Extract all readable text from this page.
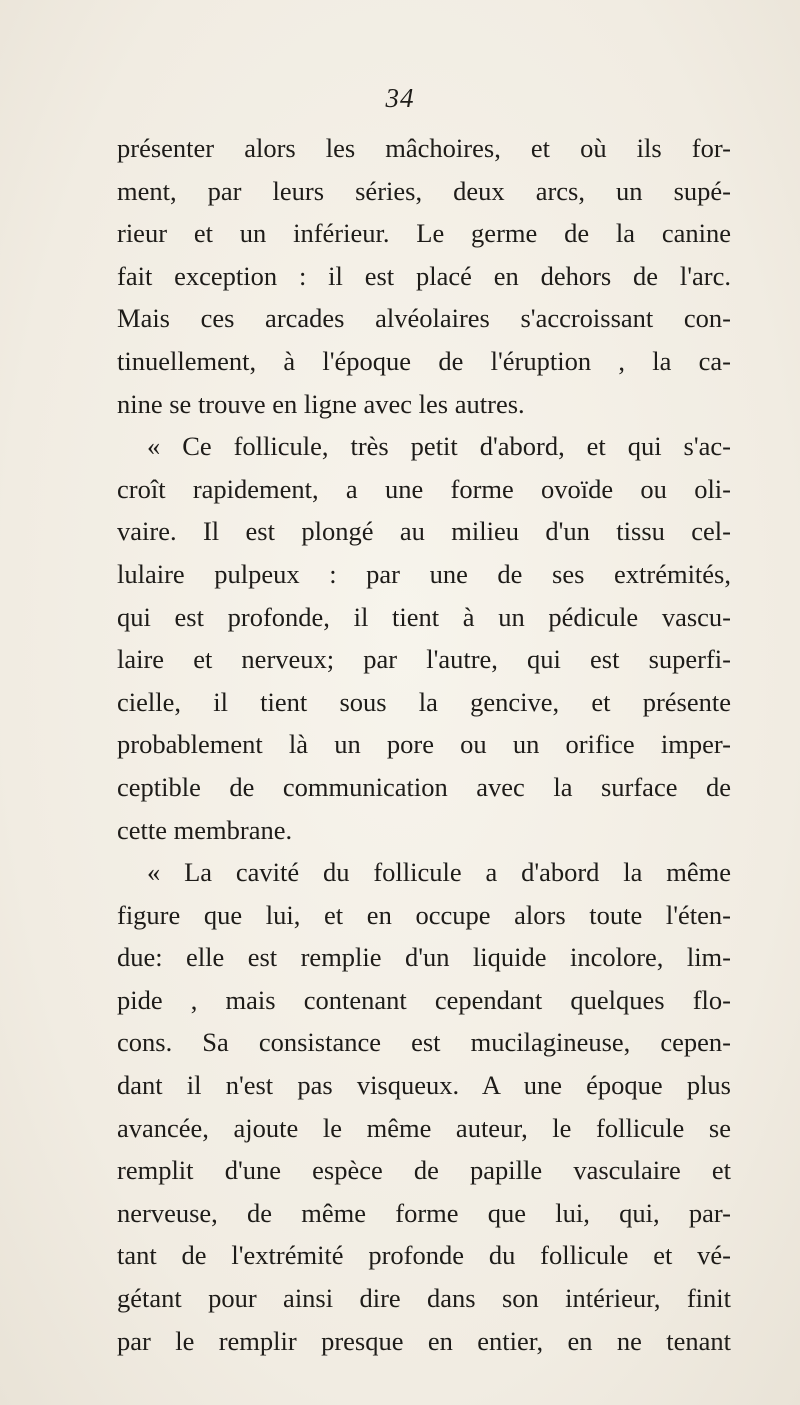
34
présenter alors les mâchoires, et où ils for-
ment, par leurs séries, deux arcs, un supé-
rieur et un inférieur. Le germe de la canine
fait exception : il est placé en dehors de l'arc.
Mais ces arcades alvéolaires s'accroissant con-
tinuellement, à l'époque de l'éruption , la ca-
nine se trouve en ligne avec les autres.
« Ce follicule, très petit d'abord, et qui s'ac-
croît rapidement, a une forme ovoïde ou oli-
vaire. Il est plongé au milieu d'un tissu cel-
lulaire pulpeux : par une de ses extrémités,
qui est profonde, il tient à un pédicule vascu-
laire et nerveux; par l'autre, qui est superfi-
cielle, il tient sous la gencive, et présente
probablement là un pore ou un orifice imper-
ceptible de communication avec la surface de
cette membrane.
« La cavité du follicule a d'abord la même
figure que lui, et en occupe alors toute l'éten-
due: elle est remplie d'un liquide incolore, lim-
pide , mais contenant cependant quelques flo-
cons. Sa consistance est mucilagineuse, cepen-
dant il n'est pas visqueux. A une époque plus
avancée, ajoute le même auteur, le follicule se
remplit d'une espèce de papille vasculaire et
nerveuse, de même forme que lui, qui, par-
tant de l'extrémité profonde du follicule et vé-
gétant pour ainsi dire dans son intérieur, finit
par le remplir presque en entier, en ne tenant
